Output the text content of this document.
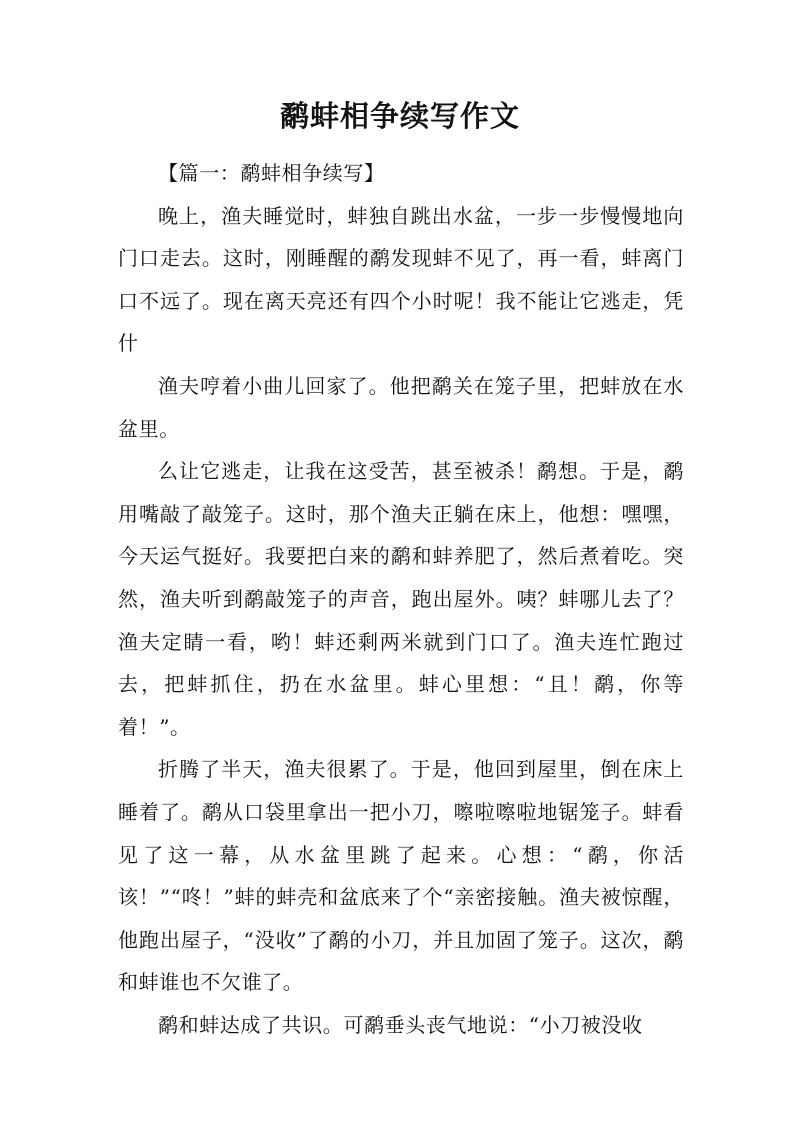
鹬蚌相争续写作文

【篇一：鹬蚌相争续写】

晚上，渔夫睡觉时，蚌独自跳出水盆，一步一步慢慢地向门口走去。这时，刚睡醒的鹬发现蚌不见了，再一看，蚌离门口不远了。现在离天亮还有四个小时呢！我不能让它逃走，凭什

渔夫哼着小曲儿回家了。他把鹬关在笼子里，把蚌放在水盆里。

么让它逃走，让我在这受苦，甚至被杀！鹬想。于是，鹬用嘴敲了敲笼子。这时，那个渔夫正躺在床上，他想：嘿嘿，今天运气挺好。我要把白来的鹬和蚌养肥了，然后煮着吃。突然，渔夫听到鹬敲笼子的声音，跑出屋外。咦？蚌哪儿去了？渔夫定睛一看，哟！蚌还剩两米就到门口了。渔夫连忙跑过去，把蚌抓住，扔在水盆里。蚌心里想：“且！鹬，你等着！”。

折腾了半天，渔夫很累了。于是，他回到屋里，倒在床上睡着了。鹬从口袋里拿出一把小刀，嚓啦嚓啦地锯笼子。蚌看见了这一幕，从水盆里跳了起来。心想：“鹬，你活该！”“咚！”蚌的蚌壳和盆底来了个“亲密接触。渔夫被惊醒，他跑出屋子，“没收”了鹬的小刀，并且加固了笼子。这次，鹬和蚌谁也不欠谁了。

鹬和蚌达成了共识。可鹬垂头丧气地说：“小刀被没收
